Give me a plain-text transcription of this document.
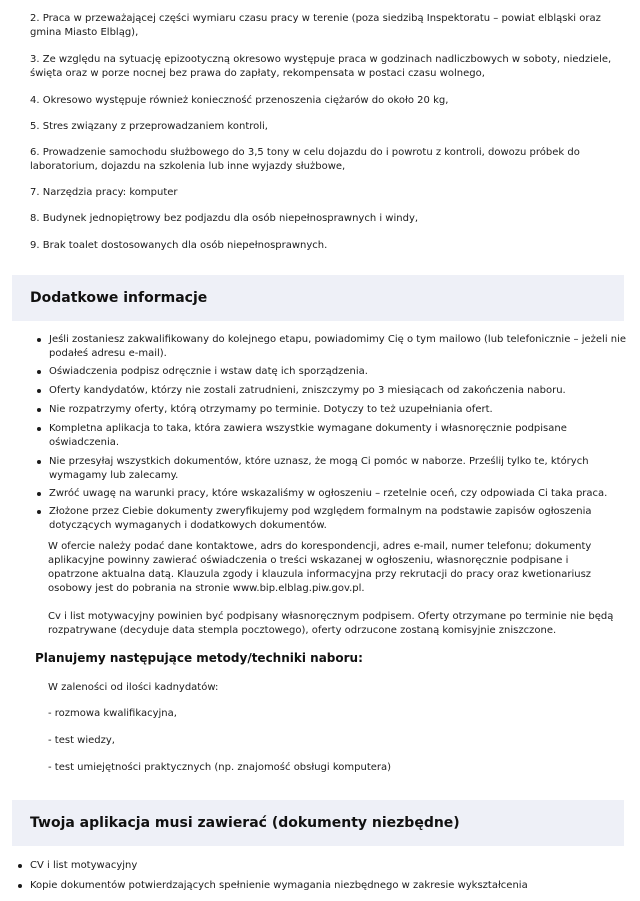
2. Praca w przeważającej części wymiaru czasu pracy w terenie (poza siedzibą Inspektoratu – powiat elbląski oraz gmina Miasto Elbląg),
3. Ze względu na sytuację epizootyczną okresowo występuje praca w godzinach nadliczbowych w soboty, niedziele, święta oraz w porze nocnej bez prawa do zapłaty, rekompensata w postaci czasu wolnego,
4. Okresowo występuje również konieczność przenoszenia ciężarów do około 20 kg,
5. Stres związany z przeprowadzaniem kontroli,
6. Prowadzenie samochodu służbowego do 3,5 tony w celu dojazdu do i powrotu z kontroli, dowozu próbek do laboratorium, dojazdu na szkolenia lub inne wyjazdy służbowe,
7. Narzędzia pracy: komputer
8. Budynek jednopiętrowy bez podjazdu dla osób niepełnosprawnych i windy,
9. Brak toalet dostosowanych dla osób niepełnosprawnych.
Dodatkowe informacje
Jeśli zostaniesz zakwalifikowany do kolejnego etapu, powiadomimy Cię o tym mailowo (lub telefonicznie – jeżeli nie podałeś adresu e-mail).
Oświadczenia podpisz odręcznie i wstaw datę ich sporządzenia.
Oferty kandydatów, którzy nie zostali zatrudnieni, zniszczymy po 3 miesiącach od zakończenia naboru.
Nie rozpatrzymy oferty, którą otrzymamy po terminie. Dotyczy to też uzupełniania ofert.
Kompletna aplikacja to taka, która zawiera wszystkie wymagane dokumenty i własnoręcznie podpisane oświadczenia.
Nie przesyłaj wszystkich dokumentów, które uznasz, że mogą Ci pomóc w naborze. Prześlij tylko te, których wymagamy lub zalecamy.
Zwróć uwagę na warunki pracy, które wskazaliśmy w ogłoszeniu – rzetelnie oceń, czy odpowiada Ci taka praca.
Złożone przez Ciebie dokumenty zweryfikujemy pod względem formalnym na podstawie zapisów ogłoszenia dotyczących wymaganych i dodatkowych dokumentów.
W ofercie należy podać dane kontaktowe, adrs do korespondencji, adres e-mail, numer telefonu; dokumenty aplikacyjne powinny zawierać oświadczenia o treści wskazanej w ogłoszeniu, własnoręcznie podpisane i opatrzone aktualna datą. Klauzula zgody i klauzula informacyjna przy rekrutacji do pracy oraz kwetionariusz osobowy jest do pobrania na stronie www.bip.elblag.piw.gov.pl.
Cv i list motywacyjny powinien być podpisany własnoręcznym podpisem. Oferty otrzymane po terminie nie będą rozpatrywane (decyduje data stempla pocztowego), oferty odrzucone zostaną komisyjnie zniszczone.
Planujemy następujące metody/techniki naboru:
W zaleności od ilości kadnydatów:
- rozmowa kwalifikacyjna,
- test wiedzy,
- test umiejętności praktycznych (np. znajomość obsługi komputera)
Twoja aplikacja musi zawierać (dokumenty niezbędne)
CV i list motywacyjny
Kopie dokumentów potwierdzających spełnienie wymagania niezbędnego w zakresie wykształcenia
